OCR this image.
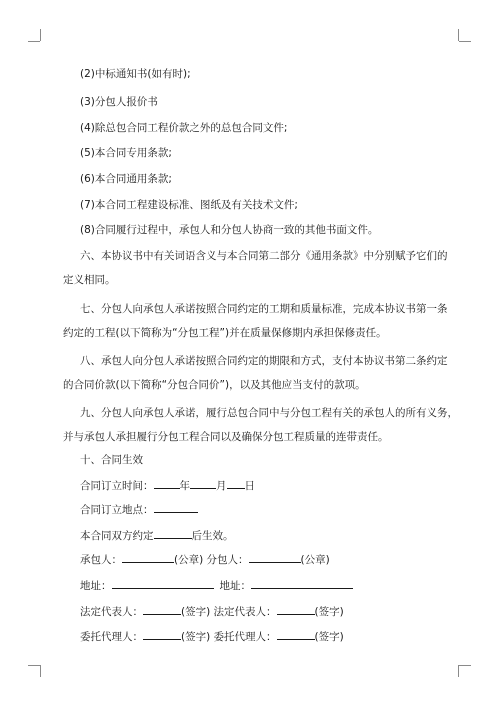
(2)中标通知书(如有时);
(3)分包人报价书
(4)除总包合同工程价款之外的总包合同文件;
(5)本合同专用条款;
(6)本合同通用条款;
(7)本合同工程建设标准、图纸及有关技术文件;
(8)合同履行过程中，承包人和分包人协商一致的其他书面文件。
六、本协议书中有关词语含义与本合同第二部分《通用条款》中分别赋予它们的
定义相同。
七、分包人向承包人承诺按照合同约定的工期和质量标准，完成本协议书第一条
约定的工程(以下简称为“分包工程”)并在质量保修期内承担保修责任。
八、承包人向分包人承诺按照合同约定的期限和方式，支付本协议书第二条约定
的合同价款(以下简称“分包合同价”)，以及其他应当支付的款项。
九、分包人向承包人承诺，履行总包合同中与分包工程有关的承包人的所有义务，
并与承包人承担履行分包工程合同以及确保分包工程质量的连带责任。
十、合同生效
合同订立时间： 年 月 日
合同订立地点：
本合同双方约定	后生效。
承包人：	(公章) 分包人：	(公章)
地址：	地址：
法定代表人：	(签字) 法定代表人：	(签字)
委托代理人：	(签字) 委托代理人：	(签字)
